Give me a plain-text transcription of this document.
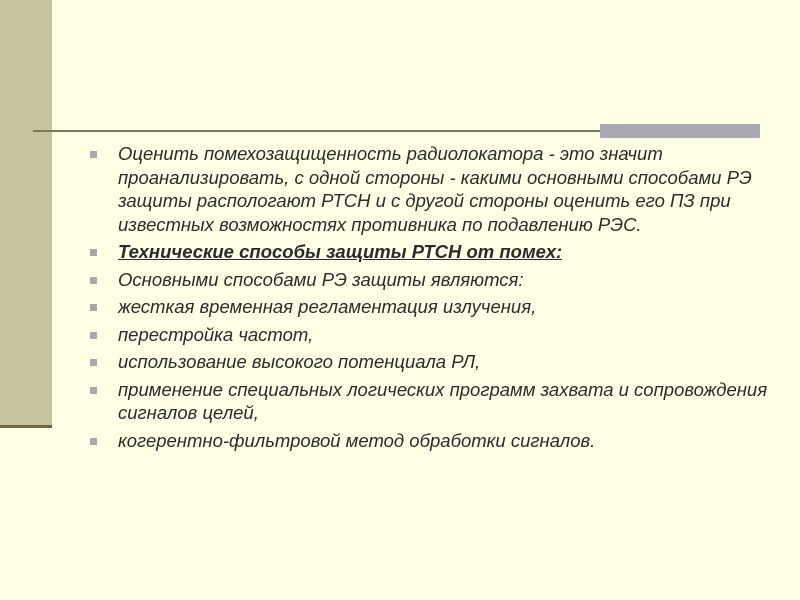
Оценить помехозащищенность радиолокатора - это значит проанализировать, с одной стороны - какими основными способами РЭ защиты распологают РТСН и с другой стороны оценить его ПЗ при известных возможностях противника по подавлению РЭС.
Технические способы защиты РТСН от помех:
Основными способами РЭ защиты являются:
жесткая временная регламентация излучения,
перестройка частот,
использование высокого потенциала РЛ,
применение специальных логических программ захвата и сопровождения сигналов целей,
когерентно-фильтровой метод обработки сигналов.
